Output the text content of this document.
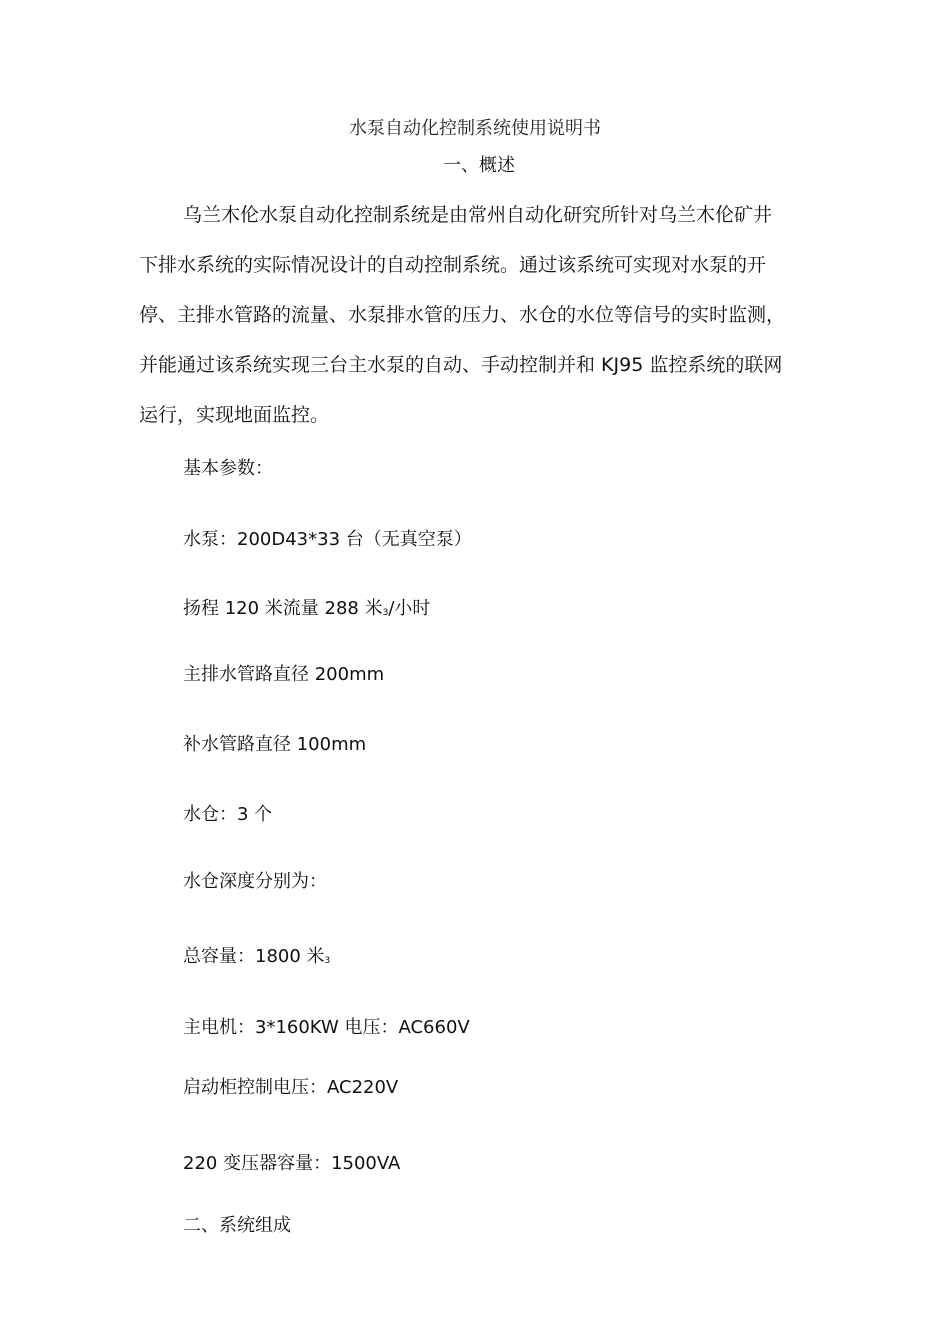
水泵自动化控制系统使用说明书
一、概述
乌兰木伦水泵自动化控制系统是由常州自动化研究所针对乌兰木伦矿井
下排水系统的实际情况设计的自动控制系统。通过该系统可实现对水泵的开
停、主排水管路的流量、水泵排水管的压力、水仓的水位等信号的实时监测，
并能通过该系统实现三台主水泵的自动、手动控制并和 KJ95 监控系统的联网
运行，实现地面监控。
基本参数：
水泵：200D43*33 台（无真空泵）
扬程 120 米流量 288 米3/小时
主排水管路直径 200mm
补水管路直径 100mm
水仓：3 个
水仓深度分别为：
总容量：1800 米3
主电机：3*160KW 电压：AC660V
启动柜控制电压：AC220V
220 变压器容量：1500VA
二、系统组成
